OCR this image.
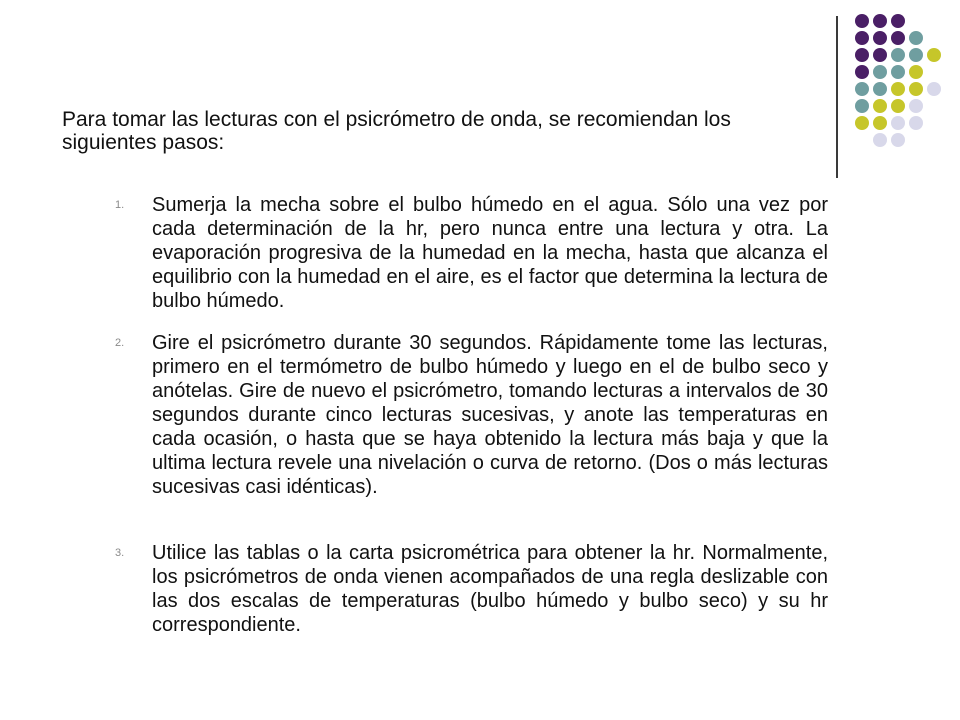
Para tomar las lecturas con el psicrómetro de onda, se recomiendan los siguientes pasos:
1. Sumerja la mecha sobre el bulbo húmedo en el agua. Sólo una vez por cada determinación de la hr, pero nunca entre una lectura y otra. La evaporación progresiva de la humedad en la mecha, hasta que alcanza el equilibrio con la humedad en el aire, es el factor que determina la lectura de bulbo húmedo.
2. Gire el psicrómetro durante 30 segundos. Rápidamente tome las lecturas, primero en el termómetro de bulbo húmedo y luego en el de bulbo seco y anótelas. Gire de nuevo el psicrómetro, tomando lecturas a intervalos de 30 segundos durante cinco lecturas sucesivas, y anote las temperaturas en cada ocasión, o hasta que se haya obtenido la lectura más baja y que la ultima lectura revele una nivelación o curva de retorno. (Dos o más lecturas sucesivas casi idénticas).
3. Utilice las tablas o la carta psicrométrica para obtener la hr. Normalmente, los psicrómetros de onda vienen acompañados de una regla deslizable con las dos escalas de temperaturas (bulbo húmedo y bulbo seco) y su hr correspondiente.
